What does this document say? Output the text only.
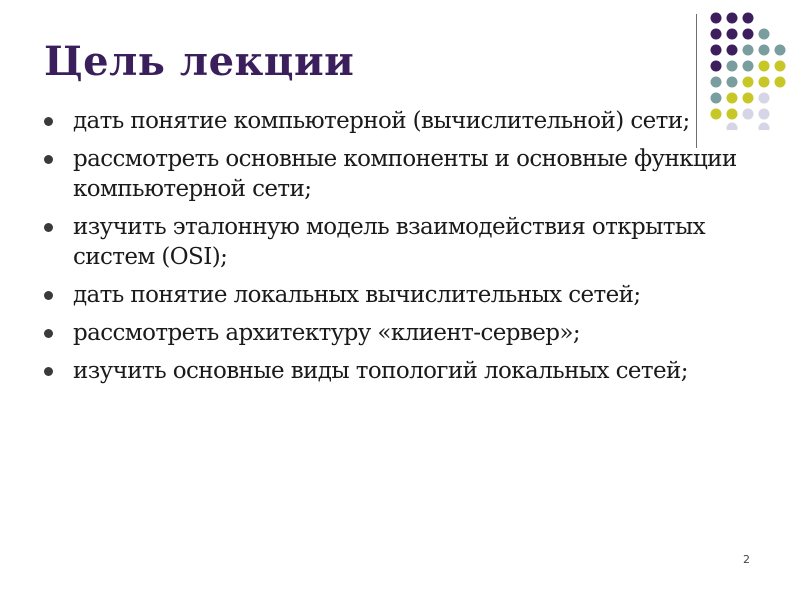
Цель лекции
дать понятие компьютерной (вычислительной) сети;
рассмотреть основные компоненты и основные функции компьютерной сети;
изучить эталонную модель взаимодействия открытых систем (OSI);
дать понятие локальных вычислительных сетей;
рассмотреть архитектуру «клиент-сервер»;
изучить основные виды топологий локальных сетей;
2
